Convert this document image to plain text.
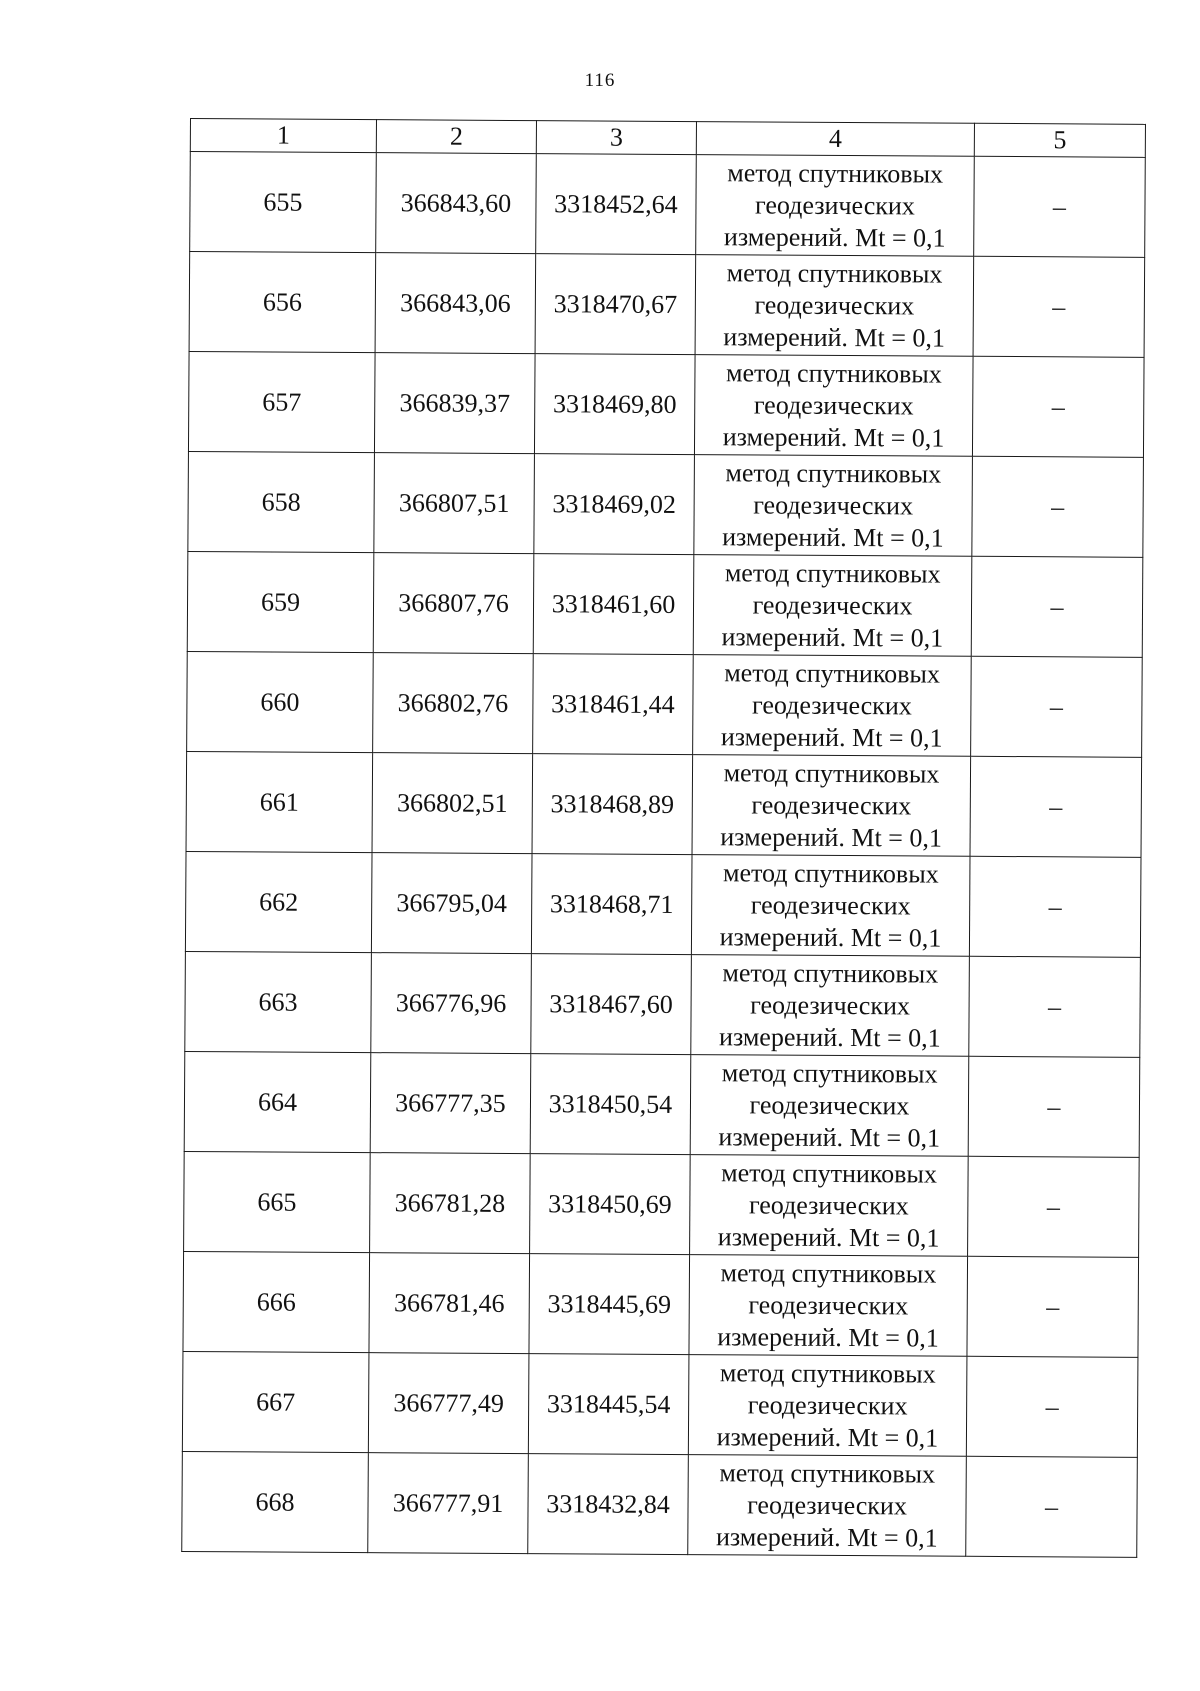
116
1	2	3	4	5
655	366843,60	3318452,64	метод спутниковых геодезических измерений. Mt = 0,1	–
656	366843,06	3318470,67	метод спутниковых геодезических измерений. Mt = 0,1	–
657	366839,37	3318469,80	метод спутниковых геодезических измерений. Mt = 0,1	–
658	366807,51	3318469,02	метод спутниковых геодезических измерений. Mt = 0,1	–
659	366807,76	3318461,60	метод спутниковых геодезических измерений. Mt = 0,1	–
660	366802,76	3318461,44	метод спутниковых геодезических измерений. Mt = 0,1	–
661	366802,51	3318468,89	метод спутниковых геодезических измерений. Mt = 0,1	–
662	366795,04	3318468,71	метод спутниковых геодезических измерений. Mt = 0,1	–
663	366776,96	3318467,60	метод спутниковых геодезических измерений. Mt = 0,1	–
664	366777,35	3318450,54	метод спутниковых геодезических измерений. Mt = 0,1	–
665	366781,28	3318450,69	метод спутниковых геодезических измерений. Mt = 0,1	–
666	366781,46	3318445,69	метод спутниковых геодезических измерений. Mt = 0,1	–
667	366777,49	3318445,54	метод спутниковых геодезических измерений. Mt = 0,1	–
668	366777,91	3318432,84	метод спутниковых геодезических измерений. Mt = 0,1	–
